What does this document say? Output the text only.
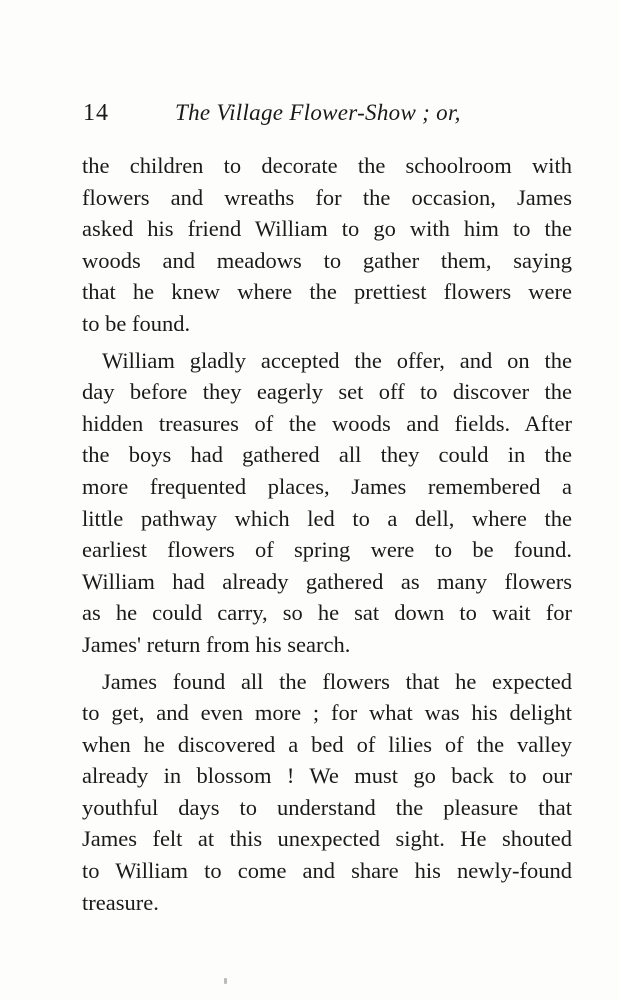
14	The Village Flower-Show ; or,
the children to decorate the schoolroom with
flowers and wreaths for the occasion, James
asked his friend William to go with him to the
woods and meadows to gather them, saying
that he knew where the prettiest flowers were
to be found.
William gladly accepted the offer, and on the
day before they eagerly set off to discover the
hidden treasures of the woods and fields. After
the boys had gathered all they could in the
more frequented places, James remembered a
little pathway which led to a dell, where the
earliest flowers of spring were to be found.
William had already gathered as many flowers
as he could carry, so he sat down to wait for
James' return from his search.
James found all the flowers that he expected
to get, and even more ; for what was his delight
when he discovered a bed of lilies of the valley
already in blossom ! We must go back to our
youthful days to understand the pleasure that
James felt at this unexpected sight. He shouted
to William to come and share his newly-found
treasure.
